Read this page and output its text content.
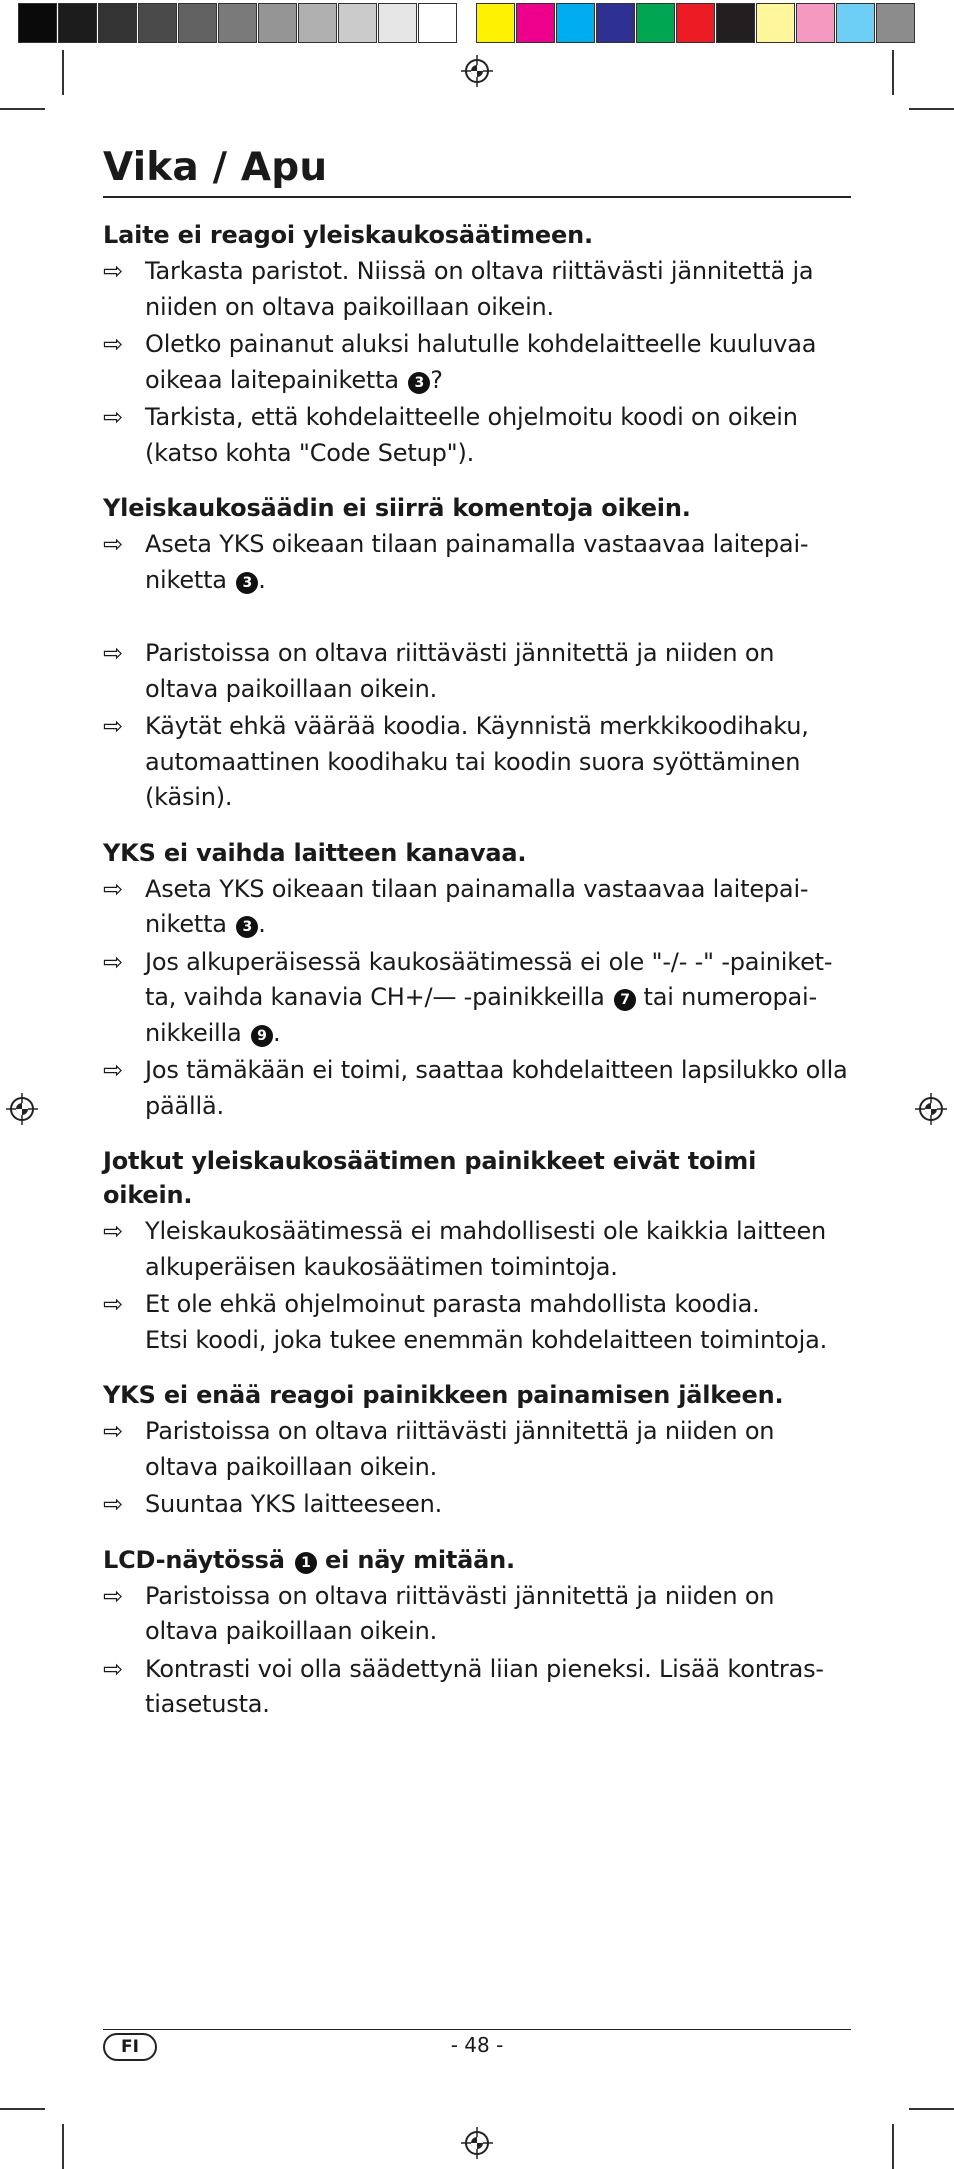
Vika / Apu

Laite ei reagoi yleiskaukosäätimeen.

⇨ Tarkasta paristot. Niissä on oltava riittävästi jännitettä ja niiden on oltava paikoillaan oikein.
⇨ Oletko painanut aluksi halutulle kohdelaitteelle kuuluvaa oikeaa laitepainiketta 3 ?
⇨ Tarkista, että kohdelaitteelle ohjelmoitu koodi on oikein (katso kohta "Code Setup").

Yleiskaukosäädin ei siirrä komentoja oikein.

⇨ Aseta YKS oikeaan tilaan painamalla vastaavaa laitepainiketta 3 .
⇨ Paristoissa on oltava riittävästi jännitettä ja niiden on oltava paikoillaan oikein.
⇨ Käytät ehkä väärää koodia. Käynnistä merkkikoodihaku, automaattinen koodihaku tai koodin suora syöttäminen (käsin).

YKS ei vaihda laitteen kanavaa.

⇨ Aseta YKS oikeaan tilaan painamalla vastaavaa laitepainiketta 3 .
⇨ Jos alkuperäisessä kaukosäätimessä ei ole "-/- -" -painiketta, vaihda kanavia CH+/— -painikkeilla 7 tai numeropainikkeilla 9 .
⇨ Jos tämäkään ei toimi, saattaa kohdelaitteen lapsilukko olla päällä.

Jotkut yleiskaukosäätimen painikkeet eivät toimi oikein.

⇨ Yleiskaukosäätimessä ei mahdollisesti ole kaikkia laitteen alkuperäisen kaukosäätimen toimintoja.
⇨ Et ole ehkä ohjelmoinut parasta mahdollista koodia.
Etsi koodi, joka tukee enemmän kohdelaitteen toimintoja.

YKS ei enää reagoi painikkeen painamisen jälkeen.

⇨ Paristoissa on oltava riittävästi jännitettä ja niiden on oltava paikoillaan oikein.
⇨ Suuntaa YKS laitteeseen.

LCD-näytössä 1 ei näy mitään.

⇨ Paristoissa on oltava riittävästi jännitettä ja niiden on oltava paikoillaan oikein.
⇨ Kontrasti voi olla säädettynä liian pieneksi. Lisää kontrastiasetusta.
FI	- 48 -
